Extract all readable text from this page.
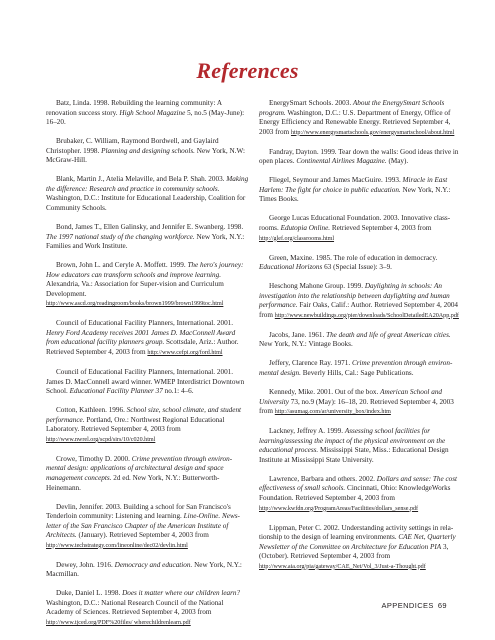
References

Batz, Linda. 1998. Rebuilding the learning community: A renovation success story. High School Magazine 5, no.5 (May-June): 16–20.

Brubaker, C. William, Raymond Bordwell, and Gaylaird Christopher. 1998. Planning and designing schools. New York, N.W: McGraw-Hill.

Blank, Martin J., Atelia Melaville, and Bela P. Shah. 2003. Making the difference: Research and practice in community schools. Washington, D.C.: Institute for Educational Leadership, Coalition for Community Schools.

Bond, James T., Ellen Galinsky, and Jennifer E. Swanberg. 1998. The 1997 national study of the changing workforce. New York, N.Y.: Families and Work Institute.

Brown, John L. and Ceryle A. Moffett. 1999. The hero's journey: How educators can transform schools and improve learning. Alexandria, Va.: Association for Super-vision and Curriculum Development. http://www.ascd.org/readingroom/books/brown1999/brown1999toc.html

Council of Educational Facility Planners, International. 2001. Henry Ford Academy receives 2001 James D. MacConnell Award from educational facility planners group. Scottsdale, Ariz.: Author. Retrieved September 4, 2003 from http://www.cefpi.org/ford.html

Council of Educational Facility Planners, International. 2001. James D. MacConnell award winner. WMEP Interdistrict Downtown School. Educational Facility Planner 37 no.1: 4–6.

Cotton, Kathleen. 1996. School size, school climate, and student performance. Portland, Ore.: Northwest Regional Educational Laboratory. Retrieved September 4, 2003 from http://www.nwrel.org/scpd/sirs/10/c020.html

Crowe, Timothy D. 2000. Crime prevention through environ-mental design: applications of architectural design and space management concepts. 2d ed. New York, N.Y.: Butterworth-Heinemann.

Devlin, Jennifer. 2003. Building a school for San Francisco's Tenderloin community: Listening and learning. Line-Online. News-letter of the San Francisco Chapter of the American Institute of Architects. (January). Retrieved September 4, 2003 from http://www.techstrategy.com/lineonline/dec02/devlin.html

Dewey, John. 1916. Democracy and education. New York, N.Y.: Macmillan.

Duke, Daniel L. 1998. Does it matter where our children learn? Washington, D.C.: National Research Council of the National Academy of Sciences. Retrieved September 4, 2003 from http://www.tjced.org/PDF%20files/ wherechildrenlearn.pdf

EnergySmart Schools. 2003. About the EnergySmart Schools program. Washington, D.C.: U.S. Department of Energy, Office of Energy Efficiency and Renewable Energy. Retrieved September 4, 2003 from http://www.energysmartschools.gov/energysmartschool/about.html

Fandray, Dayton. 1999. Tear down the walls: Good ideas thrive in open places. Continental Airlines Magazine. (May).

Fliegel, Seymour and James MacGuire. 1993. Miracle in East Harlem: The fight for choice in public education. New York, N.Y.: Times Books.

George Lucas Educational Foundation. 2003. Innovative class-rooms. Edutopia Online. Retrieved September 4, 2003 from http://glef.org/classrooms.html

Green, Maxine. 1985. The role of education in democracy. Educational Horizons 63 (Special Issue): 3–9.

Heschong Mahone Group. 1999. Daylighting in schools: An investigation into the relationship between daylighting and human performance. Fair Oaks, Calif.: Author. Retrieved September 4, 2004 from http://www.newbuildings.org/pier/downloads/SchoolDetailedEA20App.pdf

Jacobs, Jane. 1961. The death and life of great American cities. New York, N.Y.: Vintage Books.

Jeffery, Clarence Ray. 1971. Crime prevention through environ-mental design. Beverly Hills, Cal.: Sage Publications.

Kennedy, Mike. 2001. Out of the box. American School and University 73, no.9 (May): 16–18, 20. Retrieved September 4, 2003 from http://asumag.com/ar/university_box/index.htm

Lackney, Jeffrey A. 1999. Assessing school facilities for learning/assessing the impact of the physical environment on the educational process. Mississippi State, Miss.: Educational Design Institute at Mississippi State University.

Lawrence, Barbara and others. 2002. Dollars and sense: The cost effectiveness of small schools. Cincinnati, Ohio: KnowledgeWorks Foundation. Retrieved September 4, 2003 from http://www.kwfdn.org/ProgramAreas/Facilities/dollars_sense.pdf

Lippman, Peter C. 2002. Understanding activity settings in rela-tionship to the design of learning environments. CAE Net, Quarterly Newsletter of the Committee on Architecture for Education PIA 3, (October). Retrieved September 4, 2003 from http://www.aia.org/pia/gateway/CAE_Net/Vol_3/Just-a-Thought.pdf

APPENDICES 69
